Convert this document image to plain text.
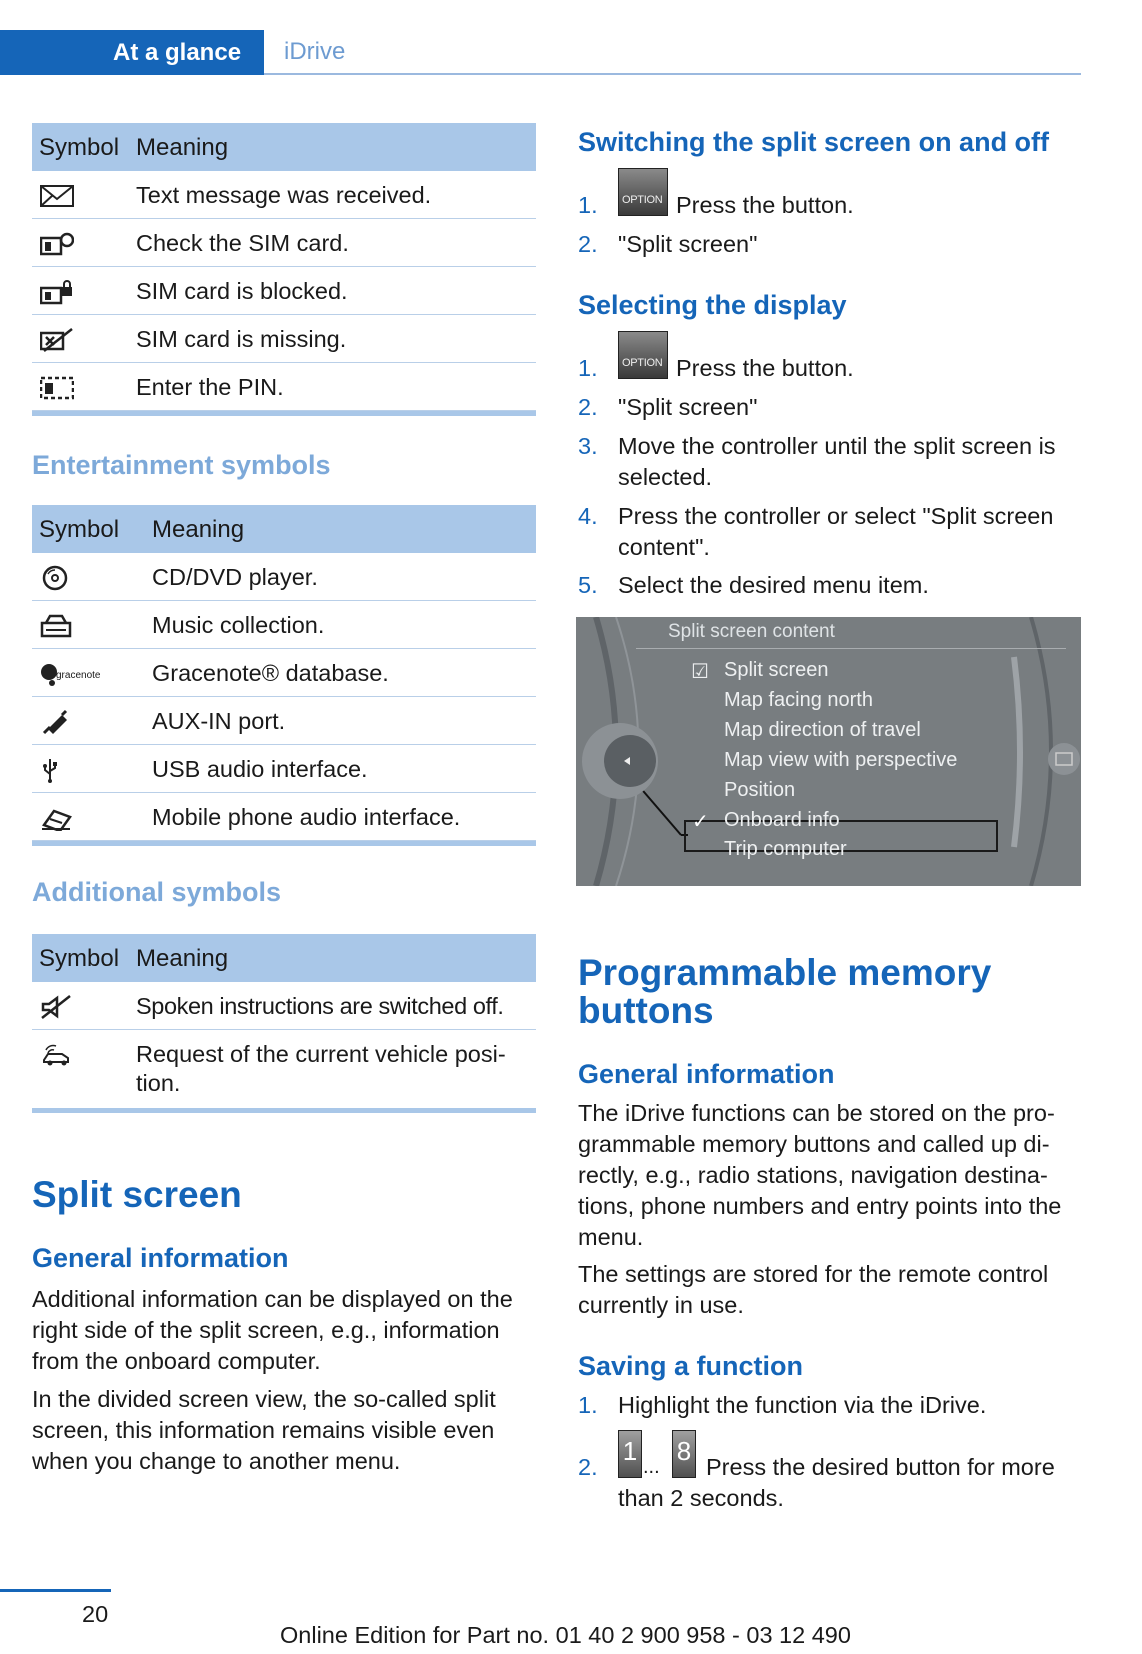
At a glance iDrive
Symbol Meaning
Text message was received.
Check the SIM card.
SIM card is blocked.
SIM card is missing.
Enter the PIN.
Entertainment symbols
Symbol Meaning
CD/DVD player.
Music collection.
gracenote Gracenote® database.
AUX-IN port.
USB audio interface.
Mobile phone audio interface.
Additional symbols
Symbol Meaning
Spoken instructions are switched off.
Request of the current vehicle posi-
tion.
Split screen
General information
Additional information can be displayed on the
right side of the split screen, e.g., information
from the onboard computer.
In the divided screen view, the so-called split
screen, this information remains visible even
when you change to another menu.
Switching the split screen on and off
1. OPTION Press the button.
2. "Split screen"
Selecting the display
1. OPTION Press the button.
2. "Split screen"
3. Move the controller until the split screen is
selected.
4. Press the controller or select "Split screen
content".
5. Select the desired menu item.
Split screen content
☑ Split screen
Map facing north
Map direction of travel
Map view with perspective
Position
✓ Onboard info
Trip computer
Programmable memory
buttons
General information
The iDrive functions can be stored on the pro-
grammable memory buttons and called up di-
rectly, e.g., radio stations, navigation destina-
tions, phone numbers and entry points into the
menu.
The settings are stored for the remote control
currently in use.
Saving a function
1. Highlight the function via the iDrive.
2.
1
...
8
Press the desired button for more
than 2 seconds.
20
Online Edition for Part no. 01 40 2 900 958 - 03 12 490
